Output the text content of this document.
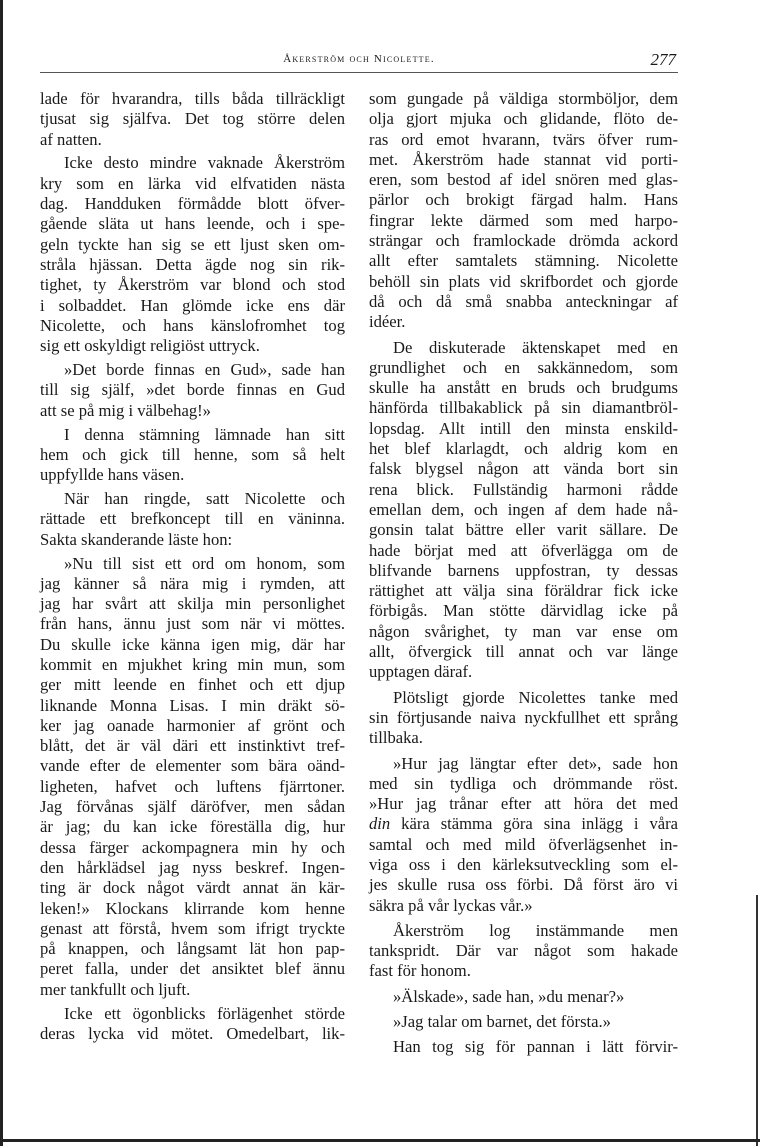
Åkerström och Nicolette.	277
lade för hvarandra, tills båda tillräckligt
tjusat sig själfva. Det tog större delen
af natten.
Icke desto mindre vaknade Åkerström
kry som en lärka vid elfvatiden nästa
dag. Handduken förmådde blott öfver-
gående släta ut hans leende, och i spe-
geln tyckte han sig se ett ljust sken om-
stråla hjässan. Detta ägde nog sin rik-
tighet, ty Åkerström var blond och stod
i solbaddet. Han glömde icke ens där
Nicolette, och hans känslofromhet tog
sig ett oskyldigt religiöst uttryck.
»Det borde finnas en Gud», sade han
till sig själf, »det borde finnas en Gud
att se på mig i välbehag!»
I denna stämning lämnade han sitt
hem och gick till henne, som så helt
uppfyllde hans väsen.
När han ringde, satt Nicolette och
rättade ett brefkoncept till en väninna.
Sakta skanderande läste hon:
»Nu till sist ett ord om honom, som
jag känner så nära mig i rymden, att
jag har svårt att skilja min personlighet
från hans, ännu just som när vi möttes.
Du skulle icke känna igen mig, där har
kommit en mjukhet kring min mun, som
ger mitt leende en finhet och ett djup
liknande Monna Lisas. I min dräkt sö-
ker jag oanade harmonier af grönt och
blått, det är väl däri ett instinktivt tref-
vande efter de elementer som bära oänd-
ligheten, hafvet och luftens fjärrtoner.
Jag förvånas själf däröfver, men sådan
är jag; du kan icke föreställa dig, hur
dessa färger ackompagnera min hy och
den hårklädsel jag nyss beskref. Ingen-
ting är dock något värdt annat än kär-
leken!» Klockans klirrande kom henne
genast att förstå, hvem som ifrigt tryckte
på knappen, och långsamt lät hon pap-
peret falla, under det ansiktet blef ännu
mer tankfullt och ljuft.
Icke ett ögonblicks förlägenhet störde
deras lycka vid mötet. Omedelbart, lik-
som gungade på väldiga stormböljor, dem
olja gjort mjuka och glidande, flöto de-
ras ord emot hvarann, tvärs öfver rum-
met. Åkerström hade stannat vid porti-
eren, som bestod af idel snören med glas-
pärlor och brokigt färgad halm. Hans
fingrar lekte därmed som med harpo-
strängar och framlockade drömda ackord
allt efter samtalets stämning. Nicolette
behöll sin plats vid skrifbordet och gjorde
då och då små snabba anteckningar af
idéer.
De diskuterade äktenskapet med en
grundlighet och en sakkännedom, som
skulle ha anstått en bruds och brudgums
hänförda tillbakablick på sin diamantbröl-
lopsdag. Allt intill den minsta enskild-
het blef klarlagdt, och aldrig kom en
falsk blygsel någon att vända bort sin
rena blick. Fullständig harmoni rådde
emellan dem, och ingen af dem hade nå-
gonsin talat bättre eller varit sällare. De
hade börjat med att öfverlägga om de
blifvande barnens uppfostran, ty dessas
rättighet att välja sina föräldrar fick icke
förbigås. Man stötte därvidlag icke på
någon svårighet, ty man var ense om
allt, öfvergick till annat och var länge
upptagen däraf.
Plötsligt gjorde Nicolettes tanke med
sin förtjusande naiva nyckfullhet ett språng
tillbaka.
»Hur jag längtar efter det», sade hon
med sin tydliga och drömmande röst.
»Hur jag trånar efter att höra det med
din kära stämma göra sina inlägg i våra
samtal och med mild öfverlägsenhet in-
viga oss i den kärleksutveckling som el-
jes skulle rusa oss förbi. Då först äro vi
säkra på vår lyckas vår.»
Åkerström log instämmande men
tankspridt. Där var något som hakade
fast för honom.
»Älskade», sade han, »du menar?»
»Jag talar om barnet, det första.»
Han tog sig för pannan i lätt förvir-
